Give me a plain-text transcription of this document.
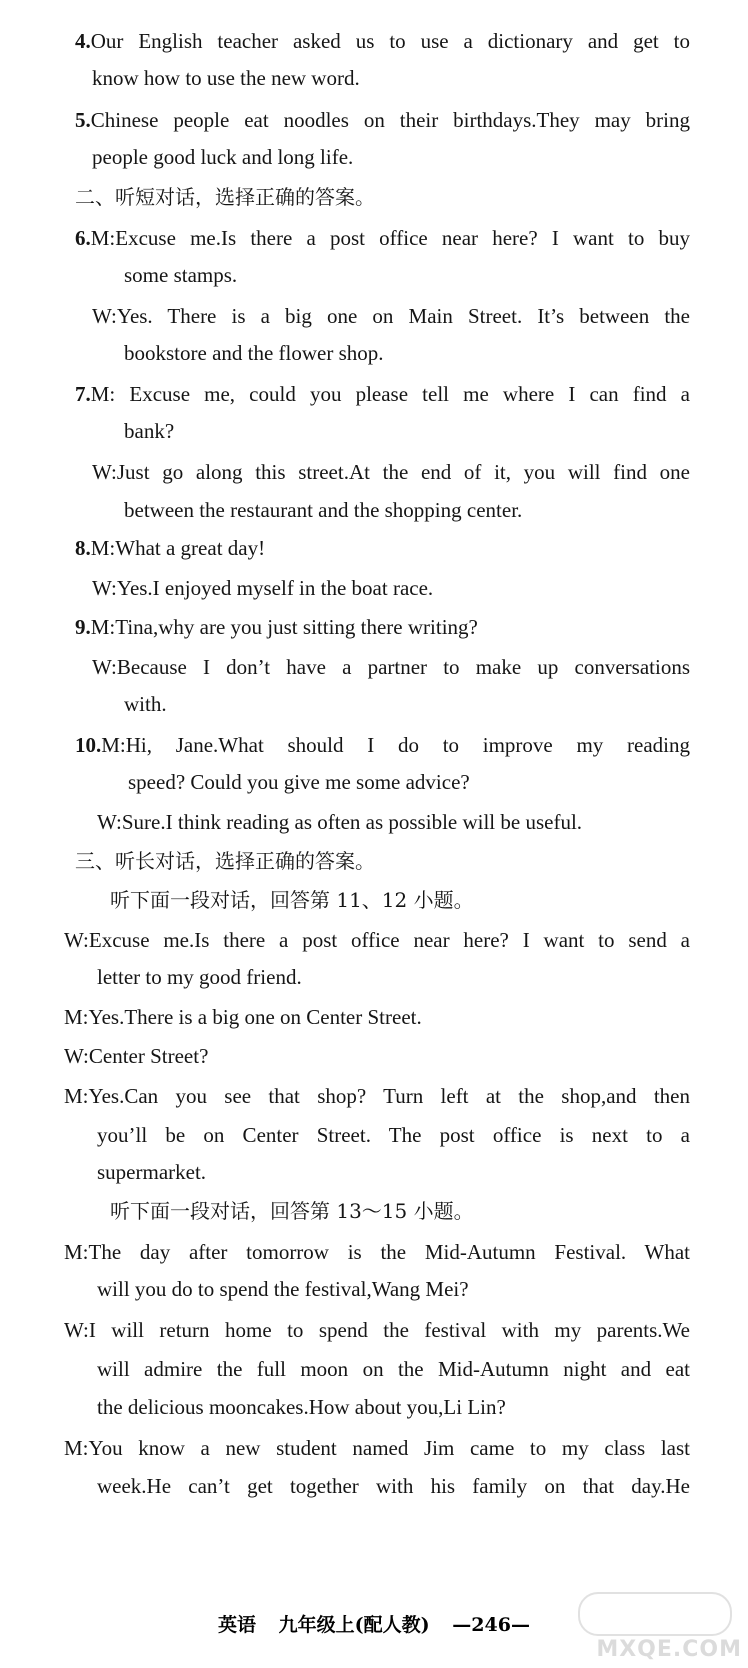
4.Our English teacher asked us to use a dictionary and get to
know how to use the new word.
5.Chinese people eat noodles on their birthdays.They may bring
people good luck and long life.
二、听短对话，选择正确的答案。
6.M:Excuse me.Is there a post office near here? I want to buy
some stamps.
W:Yes. There is a big one on Main Street. It’s between the
bookstore and the flower shop.
7.M: Excuse me, could you please tell me where I can find a
bank?
W:Just go along this street.At the end of it, you will find one
between the restaurant and the shopping center.
8.M:What a great day!
W:Yes.I enjoyed myself in the boat race.
9.M:Tina,why are you just sitting there writing?
W:Because I don’t have a partner to make up conversations
with.
10.M:Hi, Jane.What should I do to improve my reading
speed? Could you give me some advice?
W:Sure.I think reading as often as possible will be useful.
三、听长对话，选择正确的答案。
听下面一段对话，回答第 11、12 小题。
W:Excuse me.Is there a post office near here? I want to send a
letter to my good friend.
M:Yes.There is a big one on Center Street.
W:Center Street?
M:Yes.Can you see that shop? Turn left at the shop,and then
you’ll be on Center Street. The post office is next to a
supermarket.
听下面一段对话，回答第 13～15 小题。
M:The day after tomorrow is the Mid-Autumn Festival. What
will you do to spend the festival,Wang Mei?
W:I will return home to spend the festival with my parents.We
will admire the full moon on the Mid-Autumn night and eat
the delicious mooncakes.How about you,Li Lin?
M:You know a new student named Jim came to my class last
week.He can’t get together with his family on that day.He
英语 九年级上(配人教) —246—
MXQE.COM
